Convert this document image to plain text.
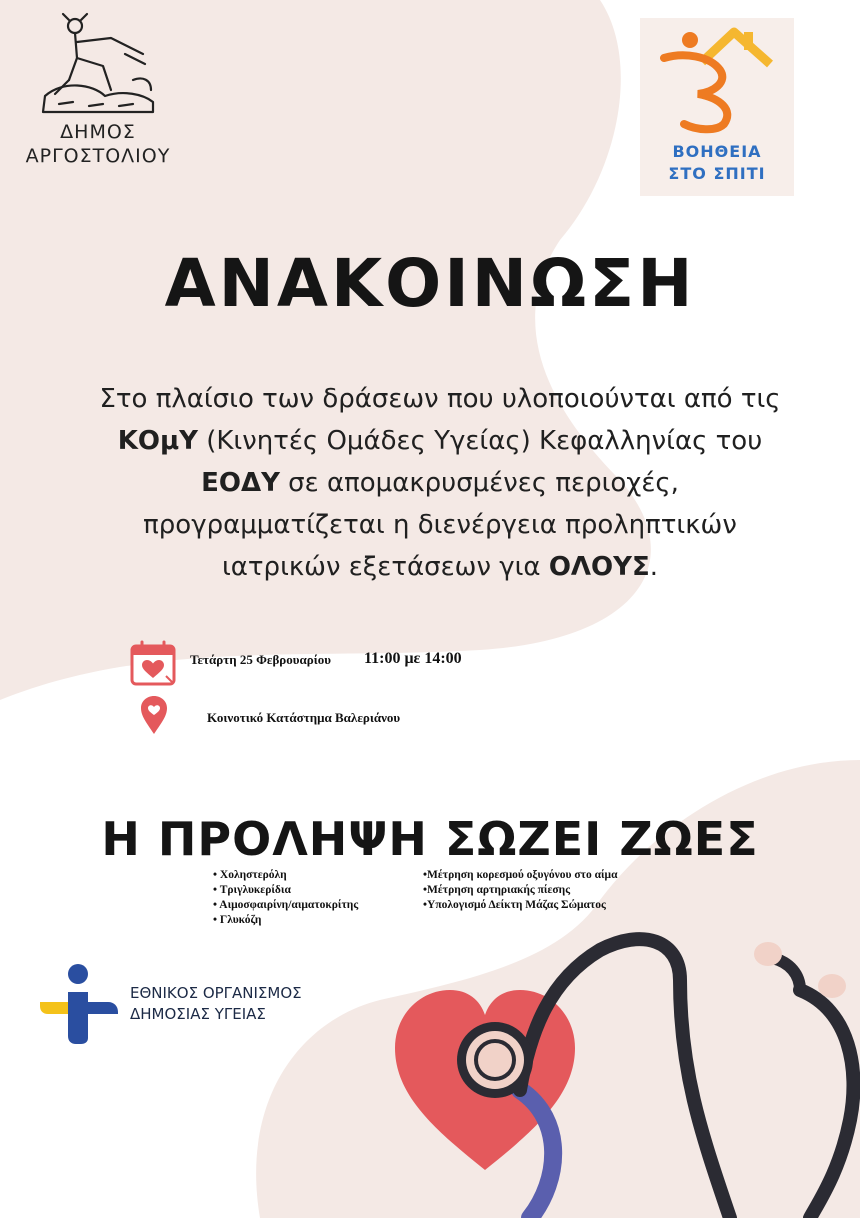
ΔΗΜΟΣ
ΑΡΓΟΣΤΟΛΙΟΥ	ΒΟΗΘΕΙΑ
ΣΤΟ ΣΠΙΤΙ
ΑΝΑΚΟΙΝΩΣΗ
Στο πλαίσιο των δράσεων που υλοποιούνται από τις
ΚΟμΥ (Κινητές Ομάδες Υγείας) Κεφαλληνίας του
ΕΟΔΥ σε απομακρυσμένες περιοχές,
προγραμματίζεται η διενέργεια προληπτικών
ιατρικών εξετάσεων για ΟΛΟΥΣ.
Τετάρτη 25 Φεβρουαρίου 11:00 με 14:00
Κοινοτικό Κατάστημα Βαλεριάνου
Η ΠΡΟΛΗΨΗ ΣΩΖΕΙ ΖΩΕΣ
• Χοληστερόλη
• Τριγλυκερίδια
• Αιμοσφαιρίνη/αιματοκρίτης
• Γλυκόζη
•Μέτρηση κορεσμού οξυγόνου στο αίμα
•Μέτρηση αρτηριακής πίεσης
•Υπολογισμό Δείκτη Μάζας Σώματος
ΕΘΝΙΚΟΣ ΟΡΓΑΝΙΣΜΟΣ
ΔΗΜΟΣΙΑΣ ΥΓΕΙΑΣ
